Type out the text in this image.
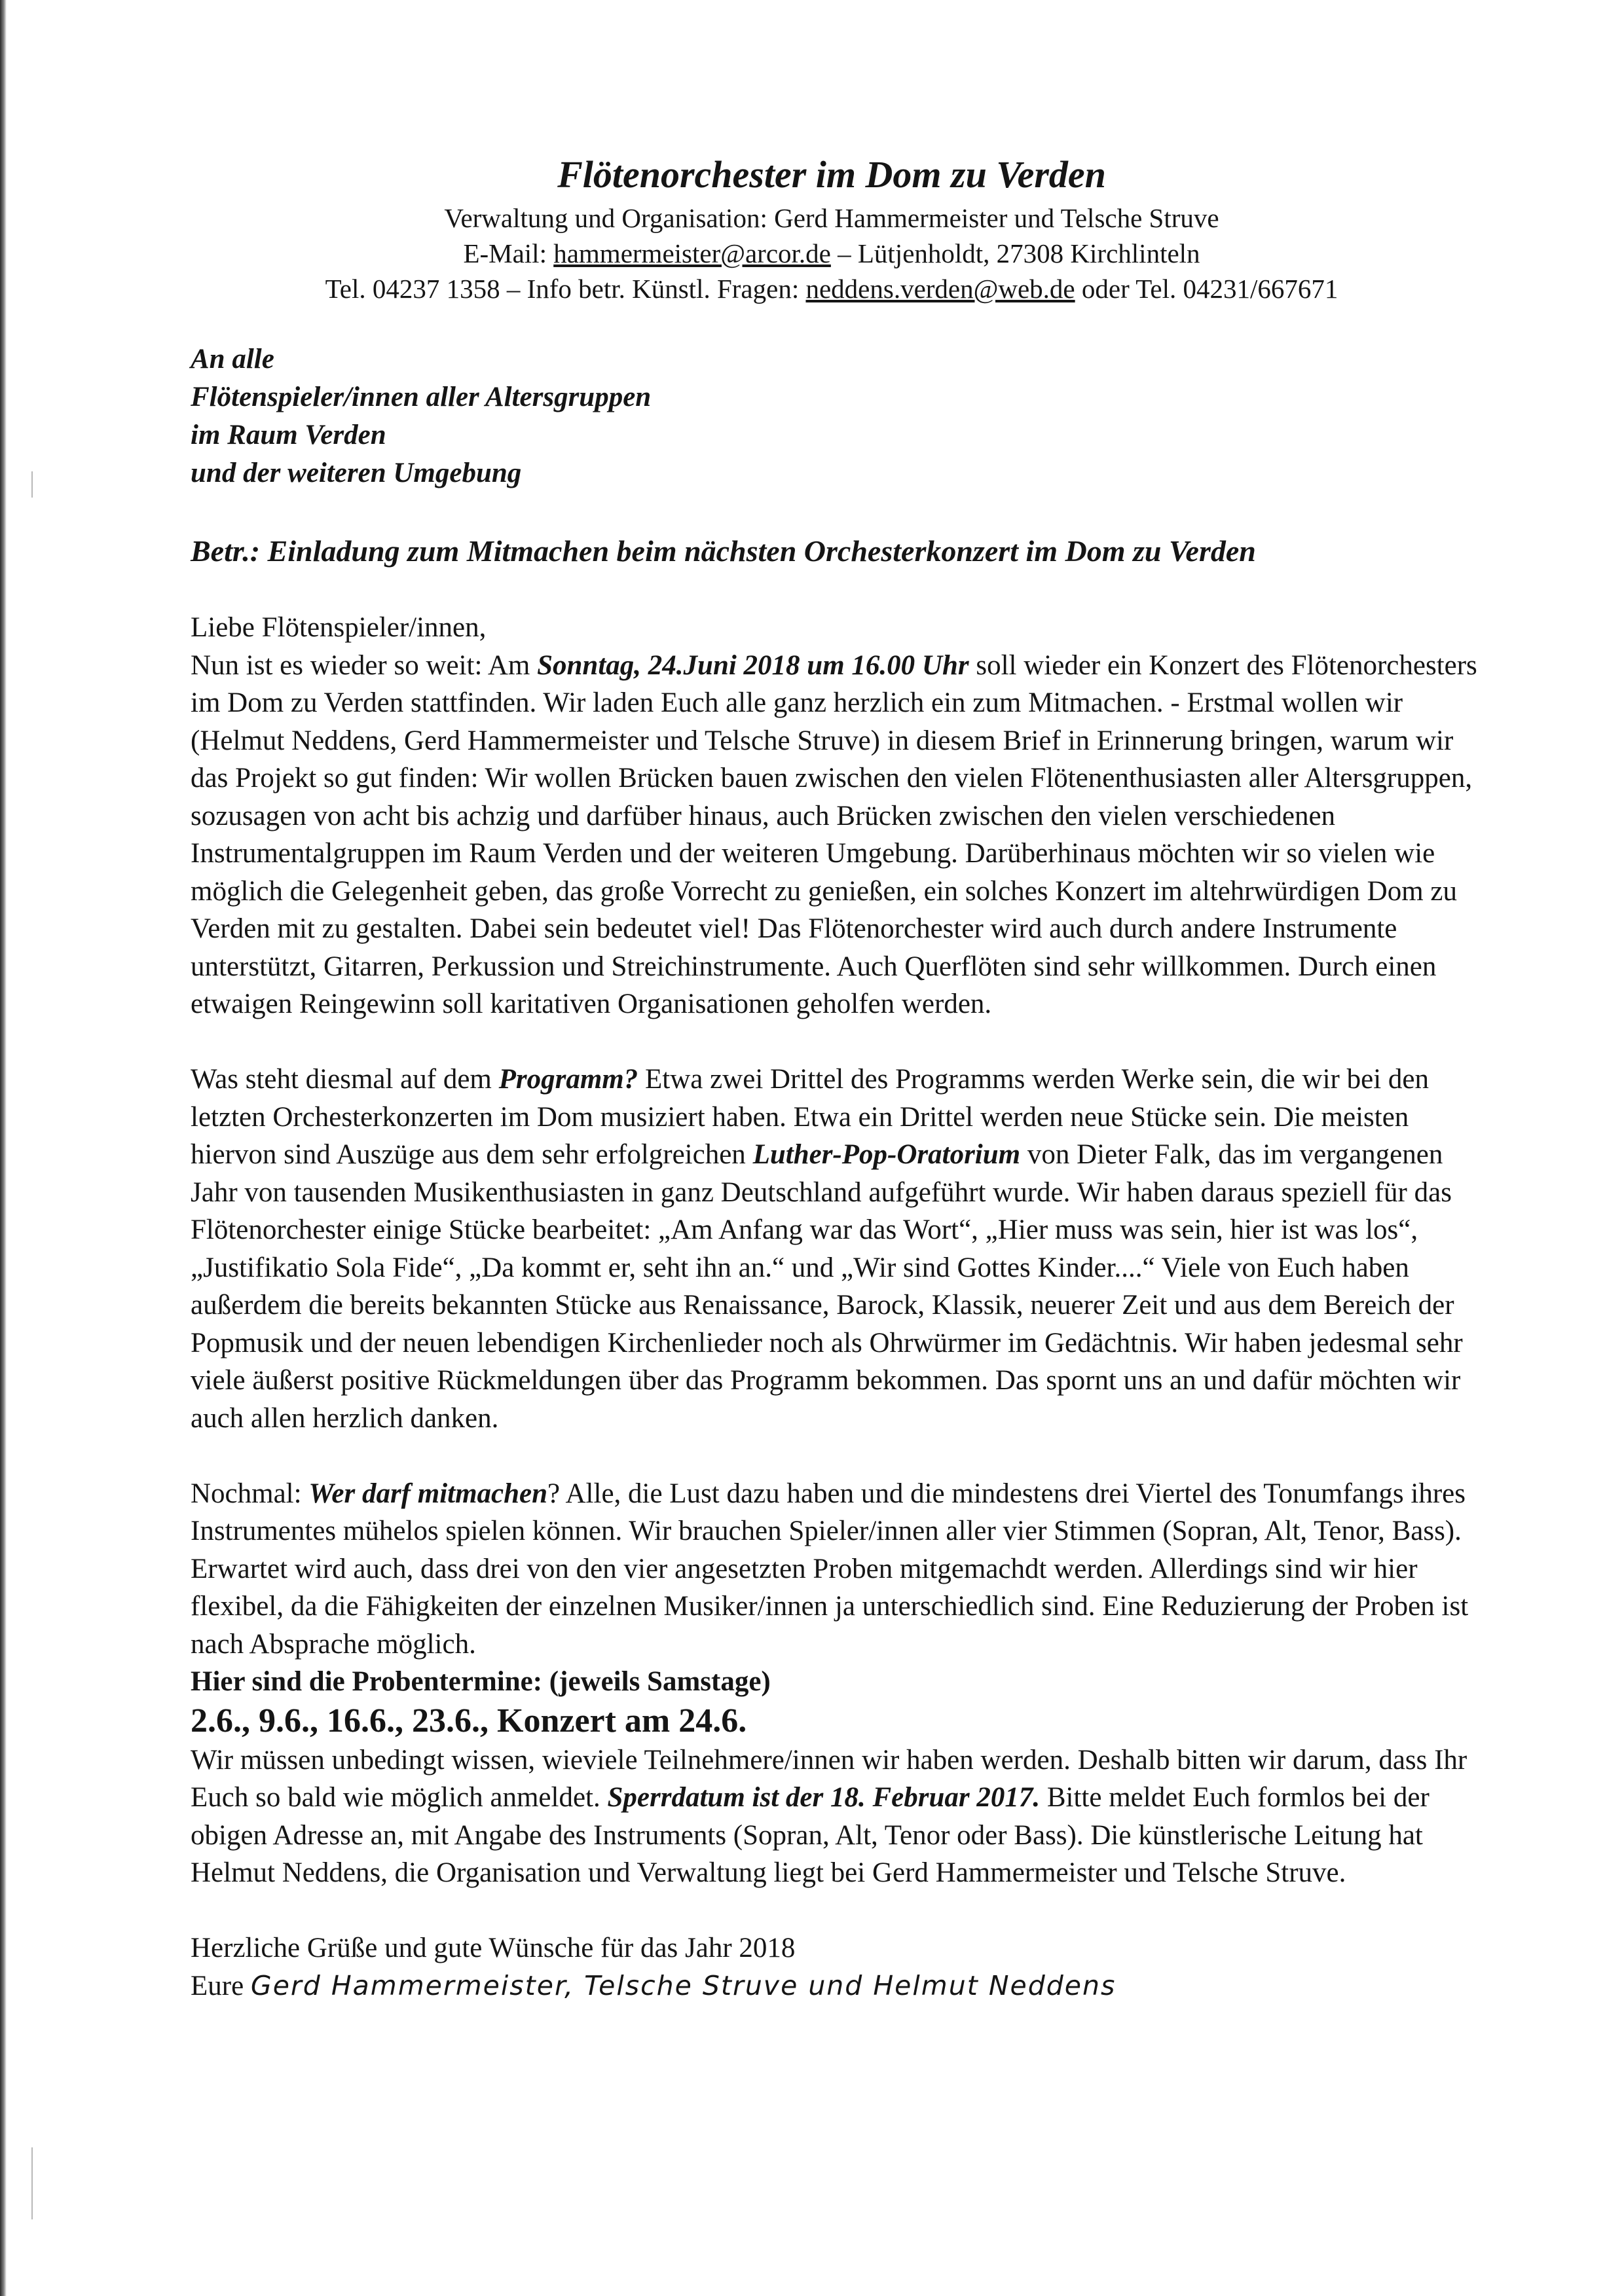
Flötenorchester im Dom zu Verden
Verwaltung und Organisation: Gerd Hammermeister und Telsche Struve
E-Mail: hammermeister@arcor.de – Lütjenholdt, 27308 Kirchlinteln
Tel. 04237 1358 – Info betr. Künstl. Fragen: neddens.verden@web.de oder Tel. 04231/667671
An alle
Flötenspieler/innen aller Altersgruppen
im Raum Verden
und der weiteren Umgebung
Betr.: Einladung zum Mitmachen beim nächsten Orchesterkonzert im Dom zu Verden

Liebe Flötenspieler/innen,

Nun ist es wieder so weit: Am Sonntag, 24.Juni 2018 um 16.00 Uhr soll wieder ein Konzert des Flötenorchesters im Dom zu Verden stattfinden. Wir laden Euch alle ganz herzlich ein zum Mitmachen. - Erstmal wollen wir (Helmut Neddens, Gerd Hammermeister und Telsche Struve) in diesem Brief in Erinnerung bringen, warum wir das Projekt so gut finden: Wir wollen Brücken bauen zwischen den vielen Flötenenthusiasten aller Altersgruppen, sozusagen von acht bis achzig und darfüber hinaus, auch Brücken zwischen den vielen verschiedenen Instrumentalgruppen im Raum Verden und der weiteren Umgebung. Darüberhinaus möchten wir so vielen wie möglich die Gelegenheit geben, das große Vorrecht zu genießen, ein solches Konzert im altehrwürdigen Dom zu Verden mit zu gestalten. Dabei sein bedeutet viel! Das Flötenorchester wird auch durch andere Instrumente unterstützt, Gitarren, Perkussion und Streichinstrumente. Auch Querflöten sind sehr willkommen. Durch einen etwaigen Reingewinn soll karitativen Organisationen geholfen werden.

Was steht diesmal auf dem Programm? Etwa zwei Drittel des Programms werden Werke sein, die wir bei den letzten Orchesterkonzerten im Dom musiziert haben. Etwa ein Drittel werden neue Stücke sein. Die meisten hiervon sind Auszüge aus dem sehr erfolgreichen Luther-Pop-Oratorium von Dieter Falk, das im vergangenen Jahr von tausenden Musikenthusiasten in ganz Deutschland aufgeführt wurde. Wir haben daraus speziell für das Flötenorchester einige Stücke bearbeitet: „Am Anfang war das Wort“, „Hier muss was sein, hier ist was los“, „Justifikatio Sola Fide“, „Da kommt er, seht ihn an.“ und „Wir sind Gottes Kinder....“ Viele von Euch haben außerdem die bereits bekannten Stücke aus Renaissance, Barock, Klassik, neuerer Zeit und aus dem Bereich der Popmusik und der neuen lebendigen Kirchenlieder noch als Ohrwürmer im Gedächtnis. Wir haben jedesmal sehr viele äußerst positive Rückmeldungen über das Programm bekommen. Das spornt uns an und dafür möchten wir auch allen herzlich danken.

Nochmal: Wer darf mitmachen? Alle, die Lust dazu haben und die mindestens drei Viertel des Tonumfangs ihres Instrumentes mühelos spielen können. Wir brauchen Spieler/innen aller vier Stimmen (Sopran, Alt, Tenor, Bass). Erwartet wird auch, dass drei von den vier angesetzten Proben mitgemachdt werden. Allerdings sind wir hier flexibel, da die Fähigkeiten der einzelnen Musiker/innen ja unterschiedlich sind. Eine Reduzierung der Proben ist nach Absprache möglich.

Hier sind die Probentermine: (jeweils Samstage)

2.6., 9.6., 16.6., 23.6., Konzert am 24.6.

Wir müssen unbedingt wissen, wieviele Teilnehmere/innen wir haben werden. Deshalb bitten wir darum, dass Ihr Euch so bald wie möglich anmeldet. Sperrdatum ist der 18. Februar 2017. Bitte meldet Euch formlos bei der obigen Adresse an, mit Angabe des Instruments (Sopran, Alt, Tenor oder Bass). Die künstlerische Leitung hat Helmut Neddens, die Organisation und Verwaltung liegt bei Gerd Hammermeister und Telsche Struve.

Herzliche Grüße und gute Wünsche für das Jahr 2018

Eure Gerd Hammermeister, Telsche Struve und Helmut Neddens
